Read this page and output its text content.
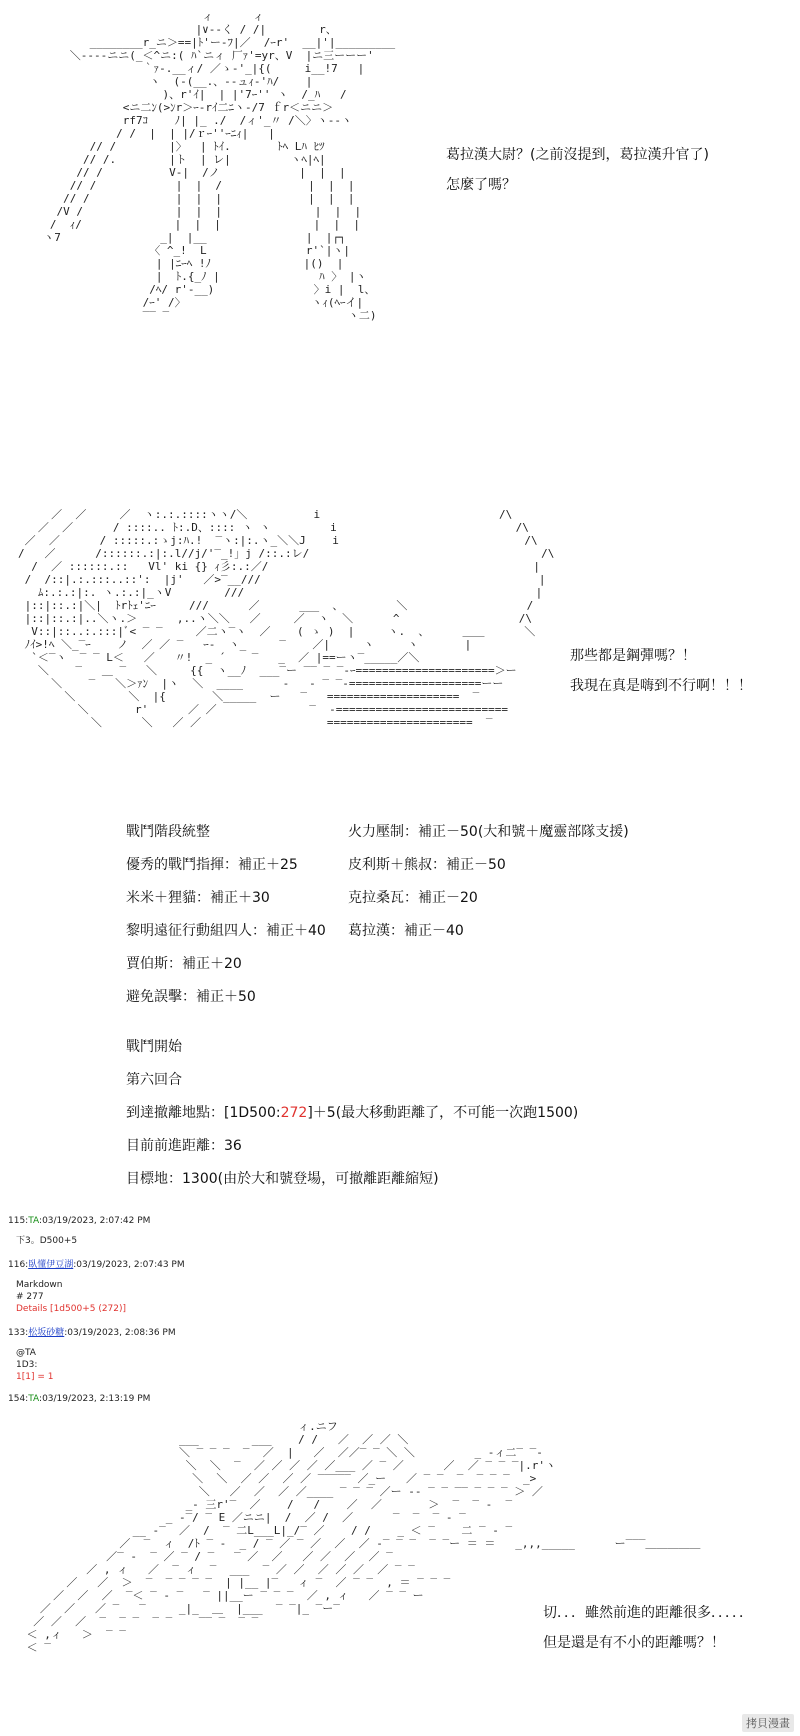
ィ      ィ
|∨--く / /|        r、
________r_ニ＞==|ﾄ'ー-ﾌ|／  /ｰr'  __|'|_________
＼----ニニ(_＜^ニ:( ﾊ`ニィ 厂ｧ'=yr、V  |ニ三ーーー'
｀ｧ-.__ィ/ ／ゝ-'_|{(     i__!7   |
ヽ  (-(__.、--ュｨ-'ﾊ/    |
)、r'ｲ|  | |'7ｰ'' ヽ  /_ﾊ   /
<ニ二ﾝ(>ﾝr＞ｰ-rｲ二ﾆヽ-/7 ｆr＜ニニ＞
rf7ｺ    ﾉ| |_ ./  /ィ'_〃 /＼〉ヽ--ヽ
/ /  |  | |/ｒｰ''ｰﾆｨ|   |
// /        |〉  | ﾄｲ.       ﾄﾍ Lﾊ ﾋﾂ
// /.        |ト  | レ|         ヽﾍ|ﾍ|
// /          V-|  /ノ            |  |  |
// /            |  |  /             |  |  |
// /             |  |  |             |  |  |
/V /              |  |  |              |  |  |
/  ｨ/              |  |  |              |  |  |
ヽ7               _|  |__               |  |┌┐
〈 ^_!  L               r'`|ヽ|
| |ﾆｰﾍ !ﾉ              |()  |
|  ﾄ.{_ﾉ |               ﾊ 〉 |ヽ
/ﾍ/ r'-__)               〉i |  l、
/ｰ' /〉                   ヽｨ(ﾍｰイ|
‾‾ ‾                           ヽ二)
葛拉漢大尉？(之前沒提到，葛拉漢升官了)
怎麼了嗎？
／  ／     ／  ヽ:.:.::::ヽヽ/＼          i                           /\
／  ／      / ::::.. ﾄ:.D、:::: ヽ ヽ         i                           /\
／  ／      / :::::.:ゝj:ﾊ.!  ‾ヽ:|:.ヽ_＼＼J    i                            /\
/   ／      /::::::.:|:.l//j/'‾_!」j /::.:レ/                                   /\
/  ／ ::::::.::   Vl' ki {} ｨ彡:.:／/                                        |
/  /::|.:.:::..::':  |j'   ／>‾__///                                          |
ﾑ:.:.:|:. ヽ.:.:|_ヽV        ///                                            |
|::|::.:|＼|  ﾄrﾄｪ'ﾆｰ     ///      ／      ___  、        ＼                  /
|::|::.:|..＼ヽ.＞      ,..ヽ＼＼   ／     ／  ヽ  ＼      ^                  /\
V::|::..:.:::|ﾞ< ‾ ‾     ／二ヽ‾ヽ  ／    ( ゝ )  |     ヽ.  、     ＿＿      ＼
ﾉｲ>!ﾍ ＼_‾ｰ    ノ  ／ ／ ‾   ｰ-  ヽ_     ‾    ／|     ヽ     ヽ       |
`＜‾ヽ  ‾ ‾ L＜   ／   〃!  _ ´    ‾   _  ／ |==ーヽ‾_____／＼
＼    ‾   ＿ ‾   ＼     {{  ヽ__ﾉ  ___‾ー ‾‾ ‾ ‾-ｰ=====================＞ー
＼    ‾   ＼＞ｧﾝ  |ヽ  ＼  ____      -   - ‾ ‾-====================ーー
＼        ＼  |{       ＼_____  ー   ‾   ====================  ‾
＼       r'      ／ ／              ‾  -==========================
＼      ＼   ／ ／                   ======================  ‾
那些都是鋼彈嗎？！
我現在真是嗨到不行啊！！！
戰鬥階段統整
優秀的戰鬥指揮：補正＋25
米米＋狸貓：補正＋30
黎明遠征行動組四人：補正＋40
賈伯斯：補正＋20
避免誤擊：補正＋50
火力壓制：補正－50(大和號＋魔靈部隊支援)
皮利斯＋熊叔：補正－50
克拉桑瓦：補正－20
葛拉漢：補正－40
戰鬥開始
第六回合
到達撤離地點：[1D500:272]＋5(最大移動距離了，不可能一次跑1500)
目前前進距離：36
目標地：1300(由於大和號登場，可撤離距離縮短)
115:TA:03/19/2023, 2:07:42 PM
下3。D500+5
116:臥懂伊豆湖:03/19/2023, 2:07:43 PM
Markdown
# 277
Details [1d500+5 (272)]
133:松坂砂糖:03/19/2023, 2:08:36 PM
@TA
1D3:
1[1] = 1
154:TA:03/19/2023, 2:13:19 PM
ィ.ニフ
___        ___    / /   ／  ／ ／ ＼
＼ ‾ ‾ ‾  ‾  ／  |   ／  ／／‾ ‾ ＼ ＼         _ -ィ二‾ ‾-
＼  ＼  ‾  ／ ／ ／ ／ ／___ ／ ‾ ／      ／  ／ ‾ ‾ ‾|.r'ヽ
＼  ＼  ／ ／  ／ ／ ‾‾‾‾‾ ／_ー   ／ ‾ ‾  ‾  ‾ ‾ ‾  _>
＼   ／  ／  ／ ／____ ‾ ‾ ‾ ／ー -- ‾ ‾ ‾‾ ‾ ‾ ‾ ＞ ／
_- 三r'‾  ／    /   /    ／  ／       ＞  ‾  ‾ -  ‾
_ -‾/ ‾ E ／ニニ|  /  ／ /  ／      ‾  ‾  ‾ - ‾
__ -‾  ／  /  ‾ 二L___L|_/‾ ／    / /    _ ＜ ‾    二 ‾ - ‾
／  ‾  ィ  /ﾄ ‾ -  _ / ‾ ／ ‾ ／  ／  ／ -‾ ‾ ‾  ‾ ‾ー ＝ ＝   _,,,_____      ー‾‾‾＿＿＿＿＿
／‾ -  ‾ ／ ‾ / ‾   ‾ ／  ／   ／ ／  ／  ／ ‾
／ , ィ   ／  ‾ ィ  ‾  ___  ‾ ／ ／  ／ ／ ／  ／ ‾ ‾
／   ／  ＞  ‾  ‾ ‾ ‾ ‾  | |__ |‾   ィ ‾  ／ ‾ ‾  , ＝ ‾ ‾ ‾
／  ／  ／  ‾＜ ‾ - ‾   ‾ ||__ー ‾ ‾ ‾  ／ , ィ   ／ ‾ ‾ ー
／  ／   ／ ‾   ‾     _|_  ＿  |___  ‾ ‾|_ ‾ー‾
／ ／  ／  ‾  ‾ ‾  ‾ ‾    ‾‾ ‾  ‾ ‾
＜ ,ィ   ＞  ‾ ‾
＜ ‾
切．．．雖然前進的距離很多．．．．．
但是還是有不小的距離嗎？！
拷貝漫畫
